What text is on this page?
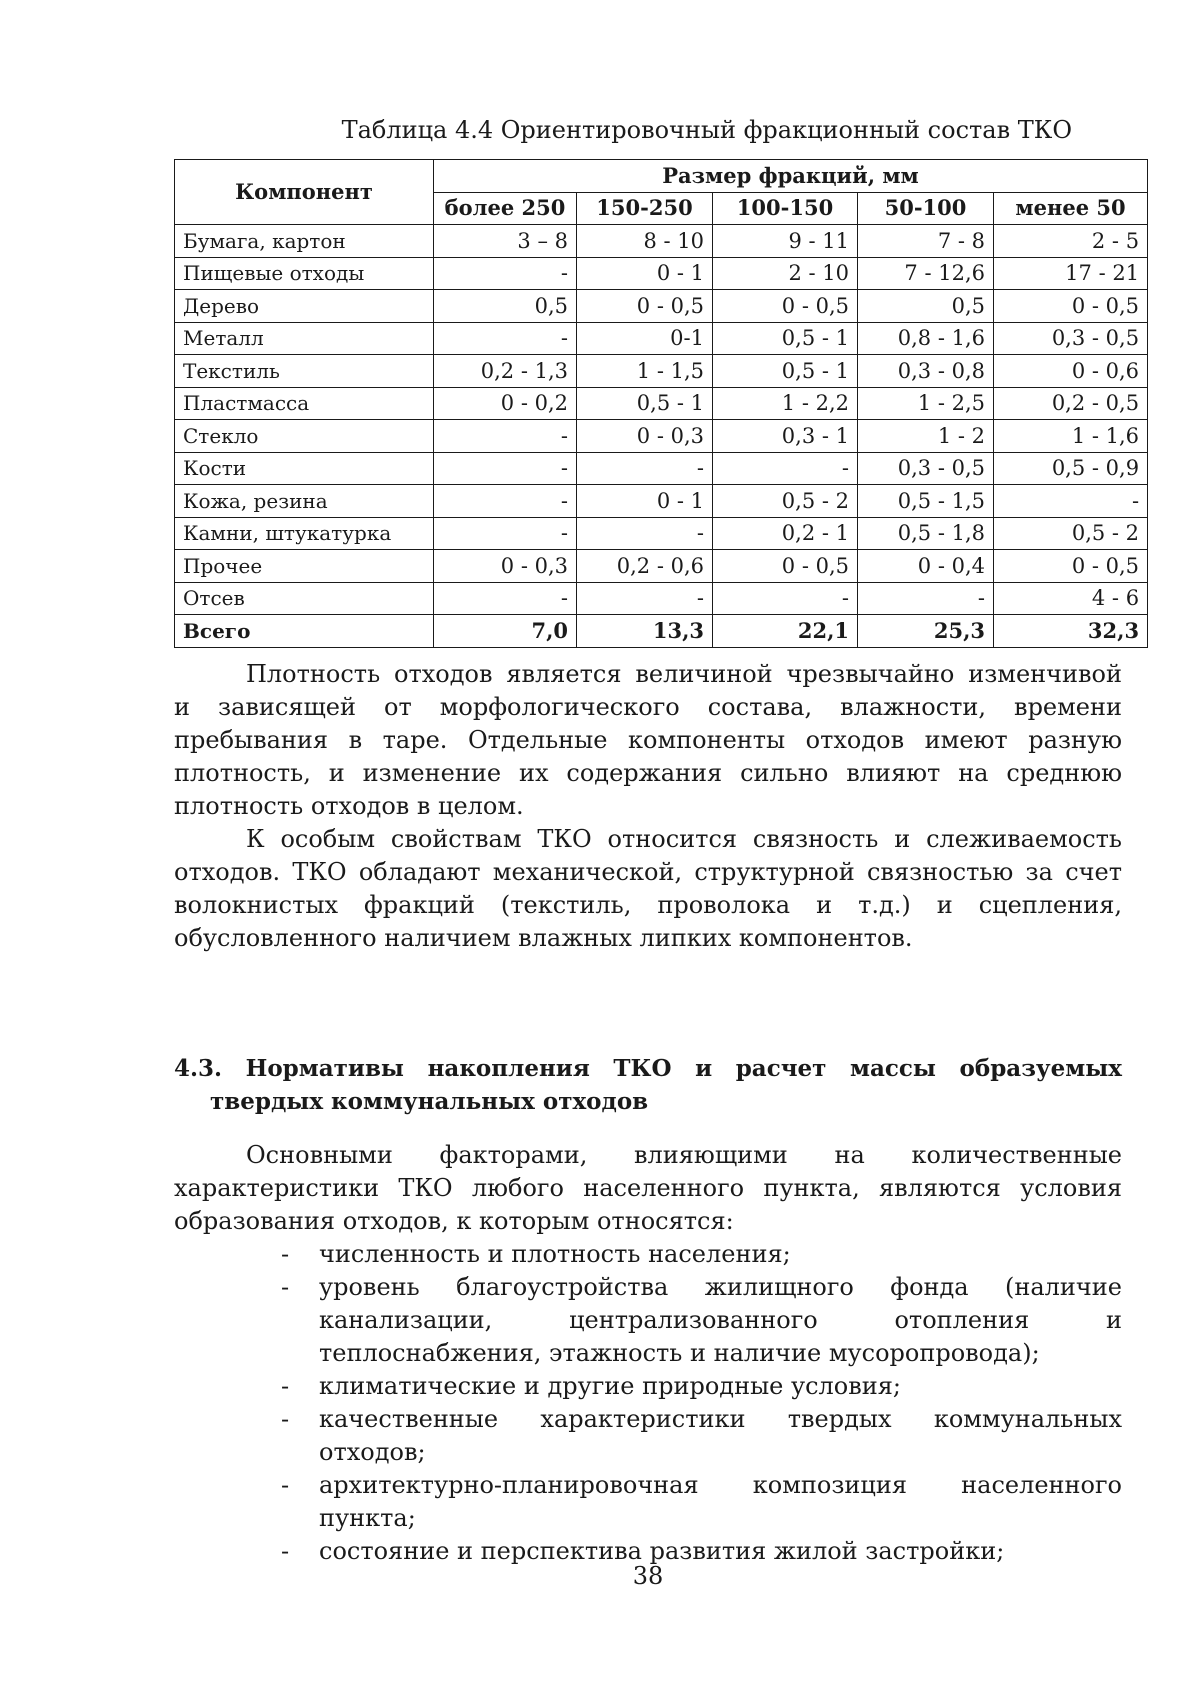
Таблица 4.4 Ориентировочный фракционный состав ТКО
Компонент	Размер фракций, мм				
	более 250	150-250	100-150	50-100	менее 50
Бумага, картон	3 – 8	8 - 10	9 - 11	7 - 8	2 - 5
Пищевые отходы	-	0 - 1	2 - 10	7 - 12,6	17 - 21
Дерево	0,5	0 - 0,5	0 - 0,5	0,5	0 - 0,5
Металл	-	0-1	0,5 - 1	0,8 - 1,6	0,3 - 0,5
Текстиль	0,2 - 1,3	1 - 1,5	0,5 - 1	0,3 - 0,8	0 - 0,6
Пластмасса	0 - 0,2	0,5 - 1	1 - 2,2	1 - 2,5	0,2 - 0,5
Стекло	-	0 - 0,3	0,3 - 1	1 - 2	1 - 1,6
Кости	-	-	-	0,3 - 0,5	0,5 - 0,9
Кожа, резина	-	0 - 1	0,5 - 2	0,5 - 1,5	-
Камни, штукатурка	-	-	0,2 - 1	0,5 - 1,8	0,5 - 2
Прочее	0 - 0,3	0,2 - 0,6	0 - 0,5	0 - 0,4	0 - 0,5
Отсев	-	-	-	-	4 - 6
Всего	7,0	13,3	22,1	25,3	32,3
Плотность отходов является величиной чрезвычайно изменчивой
и зависящей от морфологического состава, влажности, времени
пребывания в таре. Отдельные компоненты отходов имеют разную
плотность, и изменение их содержания сильно влияют на среднюю
плотность отходов в целом.
К особым свойствам ТКО относится связность и слеживаемость
отходов. ТКО обладают механической, структурной связностью за счет
волокнистых фракций (текстиль, проволока и т.д.) и сцепления,
обусловленного наличием влажных липких компонентов.
4.3. Нормативы накопления ТКО и расчет массы образуемых
твердых коммунальных отходов
Основными факторами, влияющими на количественные
характеристики ТКО любого населенного пункта, являются условия
образования отходов, к которым относятся:
- численность и плотность населения;
- уровень благоустройства жилищного фонда (наличие
канализации, централизованного отопления и
теплоснабжения, этажность и наличие мусоропровода);
- климатические и другие природные условия;
- качественные характеристики твердых коммунальных
отходов;
- архитектурно-планировочная композиция населенного
пункта;
- состояние и перспектива развития жилой застройки;
38
